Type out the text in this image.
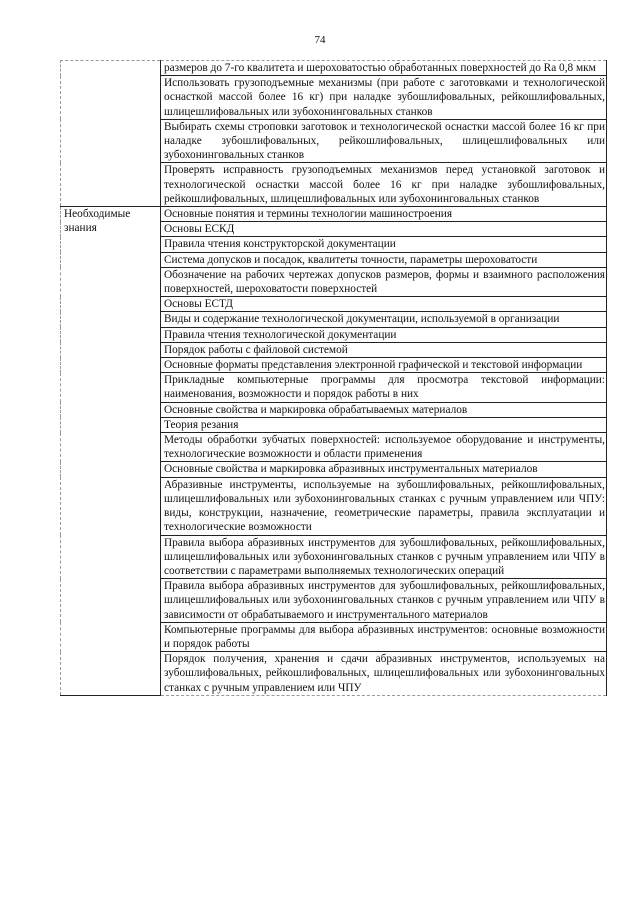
74
	размеров до 7-го квалитета и шероховатостью обработанных поверхностей до Ra 0,8 мкм
	Использовать грузоподъемные механизмы (при работе с заготовками и технологической оснасткой массой более 16 кг) при наладке зубошлифовальных, рейкошлифовальных, шлицешлифовальных или зубохонинговальных станков
	Выбирать схемы строповки заготовок и технологической оснастки массой более 16 кг при наладке зубошлифовальных, рейкошлифовальных, шлицешлифовальных или зубохонинговальных станков
	Проверять исправность грузоподъемных механизмов перед установкой заготовок и технологической оснастки массой более 16 кг при наладке зубошлифовальных, рейкошлифовальных, шлицешлифовальных или зубохонинговальных станков
Необходимые знания	Основные понятия и термины технологии машиностроения
	Основы ЕСКД
	Правила чтения конструкторской документации
	Система допусков и посадок, квалитеты точности, параметры шероховатости
	Обозначение на рабочих чертежах допусков размеров, формы и взаимного расположения поверхностей, шероховатости поверхностей
	Основы ЕСТД
	Виды и содержание технологической документации, используемой в организации
	Правила чтения технологической документации
	Порядок работы с файловой системой
	Основные форматы представления электронной графической и текстовой информации
	Прикладные компьютерные программы для просмотра текстовой информации: наименования, возможности и порядок работы в них
	Основные свойства и маркировка обрабатываемых материалов
	Теория резания
	Методы обработки зубчатых поверхностей: используемое оборудование и инструменты, технологические возможности и области применения
	Основные свойства и маркировка абразивных инструментальных материалов
	Абразивные инструменты, используемые на зубошлифовальных, рейкошлифовальных, шлицешлифовальных или зубохонинговальных станках с ручным управлением или ЧПУ: виды, конструкции, назначение, геометрические параметры, правила эксплуатации и технологические возможности
	Правила выбора абразивных инструментов для зубошлифовальных, рейкошлифовальных, шлицешлифовальных или зубохонинговальных станков с ручным управлением или ЧПУ в соответствии с параметрами выполняемых технологических операций
	Правила выбора абразивных инструментов для зубошлифовальных, рейкошлифовальных, шлицешлифовальных или зубохонинговальных станков с ручным управлением или ЧПУ в зависимости от обрабатываемого и инструментального материалов
	Компьютерные программы для выбора абразивных инструментов: основные возможности и порядок работы
	Порядок получения, хранения и сдачи абразивных инструментов, используемых на зубошлифовальных, рейкошлифовальных, шлицешлифовальных или зубохонинговальных станках с ручным управлением или ЧПУ
